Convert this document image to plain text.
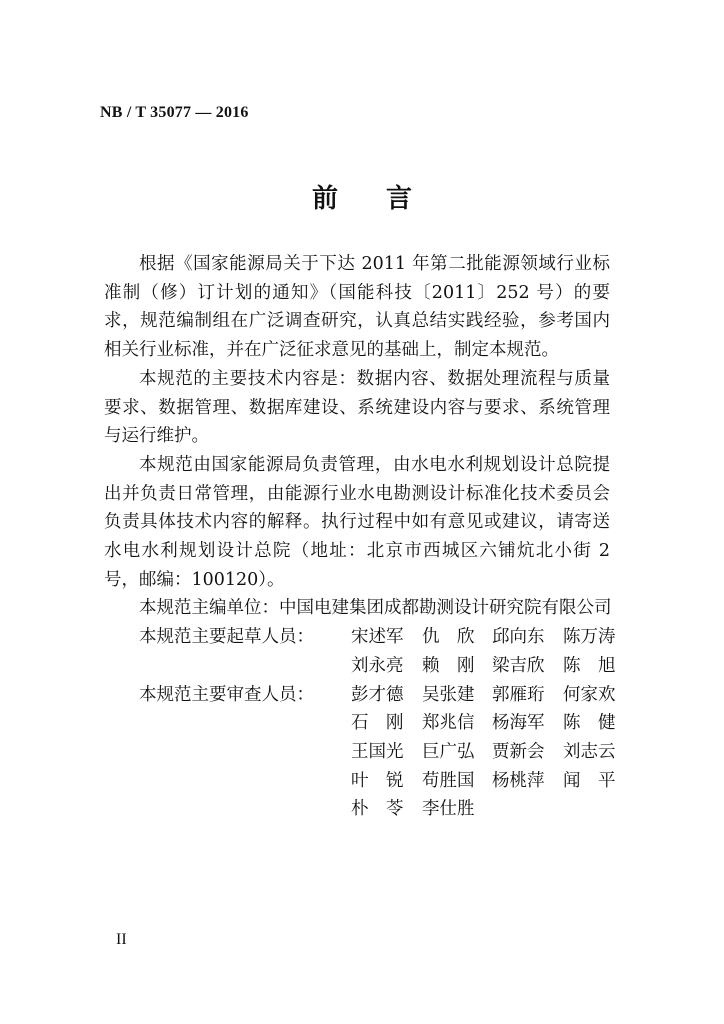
NB / T 35077 — 2016
前 言

根据《国家能源局关于下达 2011 年第二批能源领域行业标准制（修）订计划的通知》（国能科技〔2011〕252 号）的要求，规范编制组在广泛调查研究，认真总结实践经验，参考国内相关行业标准，并在广泛征求意见的基础上，制定本规范。

本规范的主要技术内容是：数据内容、数据处理流程与质量要求、数据管理、数据库建设、系统建设内容与要求、系统管理与运行维护。

本规范由国家能源局负责管理，由水电水利规划设计总院提出并负责日常管理，由能源行业水电勘测设计标准化技术委员会负责具体技术内容的解释。执行过程中如有意见或建议，请寄送水电水利规划设计总院（地址：北京市西城区六铺炕北小街 2 号，邮编：100120）。

本规范主编单位： 中国电建集团成都勘测设计研究院有限公司
本规范主要起草人员：	宋述军	仇　欣	邱向东	陈万涛
刘永亮	赖　刚	梁吉欣	陈　旭
本规范主要审查人员：	彭才德	吴张建	郭雁珩	何家欢
石　刚	郑兆信	杨海军	陈　健
王国光	巨广弘	贾新会	刘志云
叶　锐	苟胜国	杨桃萍	闻　平
朴　苓	李仕胜
II
